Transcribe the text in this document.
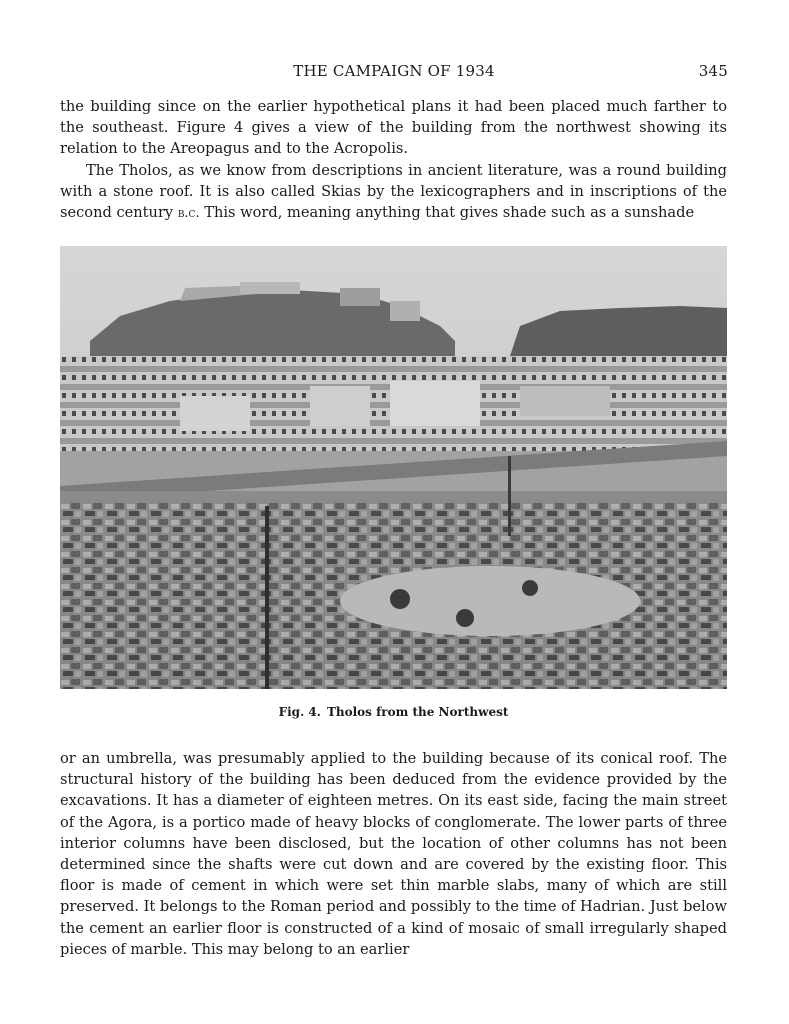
THE CAMPAIGN OF 1934	345

the building since on the earlier hypothetical plans it had been placed much farther to the southeast. Figure 4 gives a view of the building from the northwest showing its relation to the Areopagus and to the Acropolis.

The Tholos, as we know from descriptions in ancient literature, was a round building with a stone roof. It is also called Skias by the lexicographers and in inscriptions of the second century b.c. This word, meaning anything that gives shade such as a sunshade

Fig. 4. Tholos from the Northwest

or an umbrella, was presumably applied to the building because of its conical roof. The structural history of the building has been deduced from the evidence provided by the excavations. It has a diameter of eighteen metres. On its east side, facing the main street of the Agora, is a portico made of heavy blocks of conglomerate. The lower parts of three interior columns have been disclosed, but the location of other columns has not been determined since the shafts were cut down and are covered by the existing floor. This floor is made of cement in which were set thin marble slabs, many of which are still preserved. It belongs to the Roman period and possibly to the time of Hadrian. Just below the cement an earlier floor is constructed of a kind of mosaic of small irregularly shaped pieces of marble. This may belong to an earlier
